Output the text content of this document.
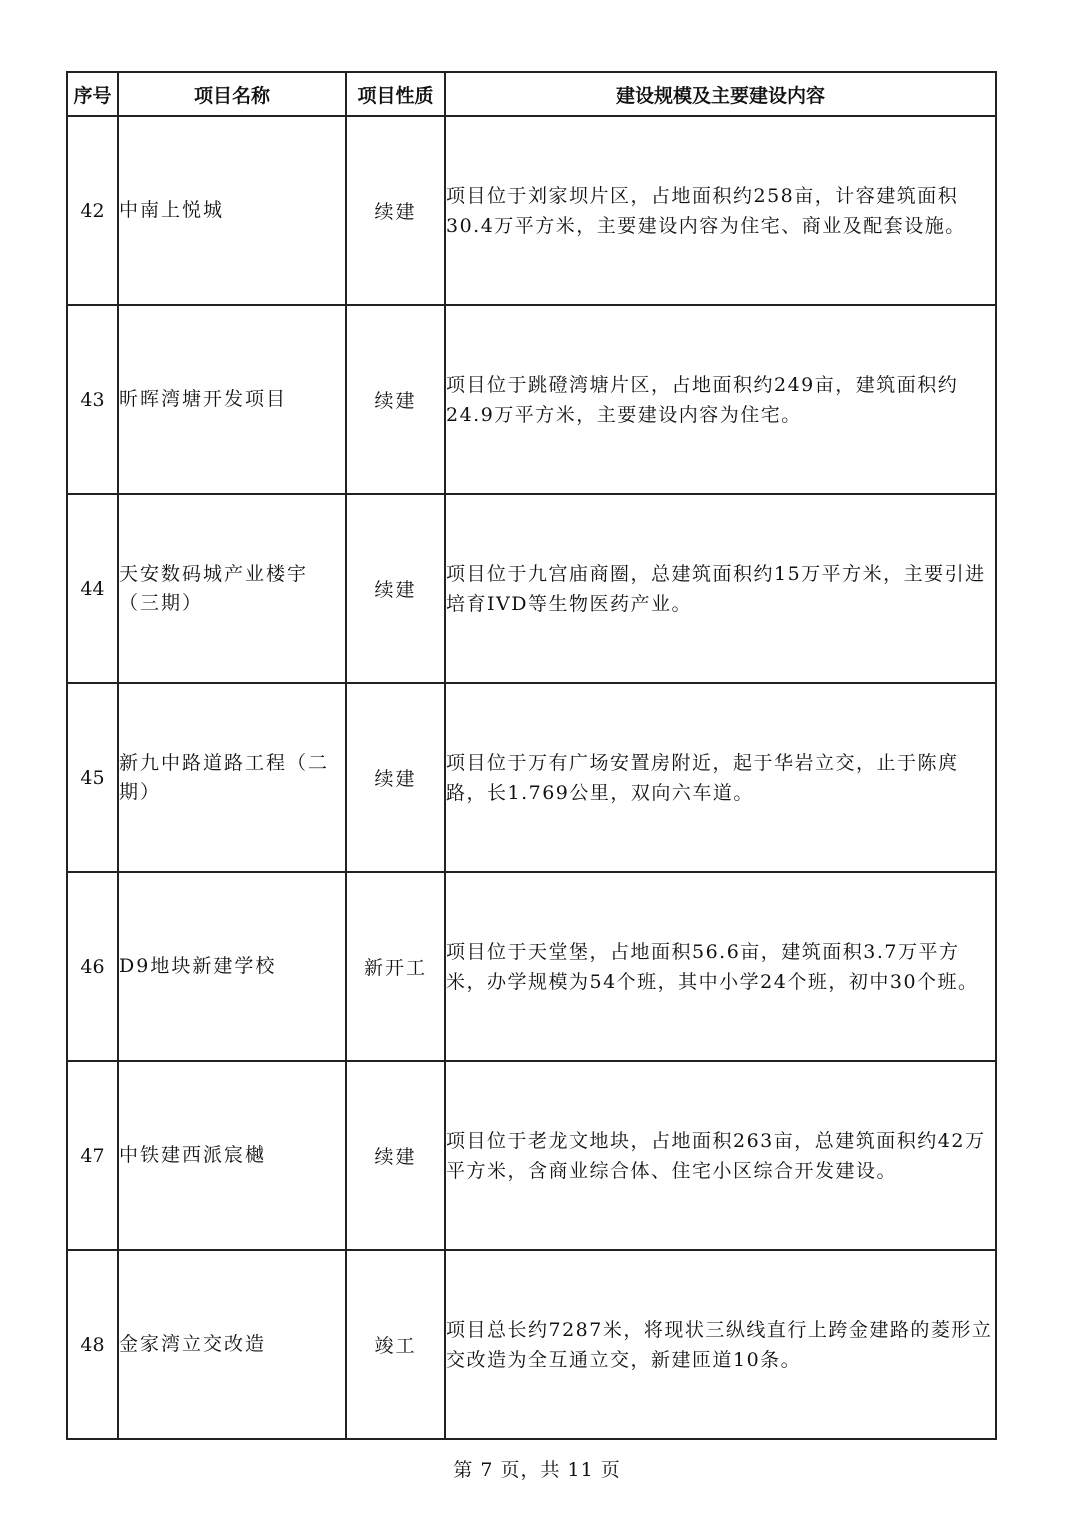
序号	项目名称	项目性质	建设规模及主要建设内容
42	中南上悦城	续建	项目位于刘家坝片区，占地面积约258亩，计容建筑面积30.4万平方米，主要建设内容为住宅、商业及配套设施。
43	昕晖湾塘开发项目	续建	项目位于跳磴湾塘片区，占地面积约249亩，建筑面积约24.9万平方米，主要建设内容为住宅。
44	天安数码城产业楼宇（三期）	续建	项目位于九宫庙商圈，总建筑面积约15万平方米，主要引进培育IVD等生物医药产业。
45	新九中路道路工程（二期）	续建	项目位于万有广场安置房附近，起于华岩立交，止于陈庹路，长1.769公里，双向六车道。
46	D9地块新建学校	新开工	项目位于天堂堡，占地面积56.6亩，建筑面积3.7万平方米，办学规模为54个班，其中小学24个班，初中30个班。
47	中铁建西派宸樾	续建	项目位于老龙文地块，占地面积263亩，总建筑面积约42万平方米，含商业综合体、住宅小区综合开发建设。
48	金家湾立交改造	竣工	项目总长约7287米，将现状三纵线直行上跨金建路的菱形立交改造为全互通立交，新建匝道10条。
第 7 页，共 11 页
